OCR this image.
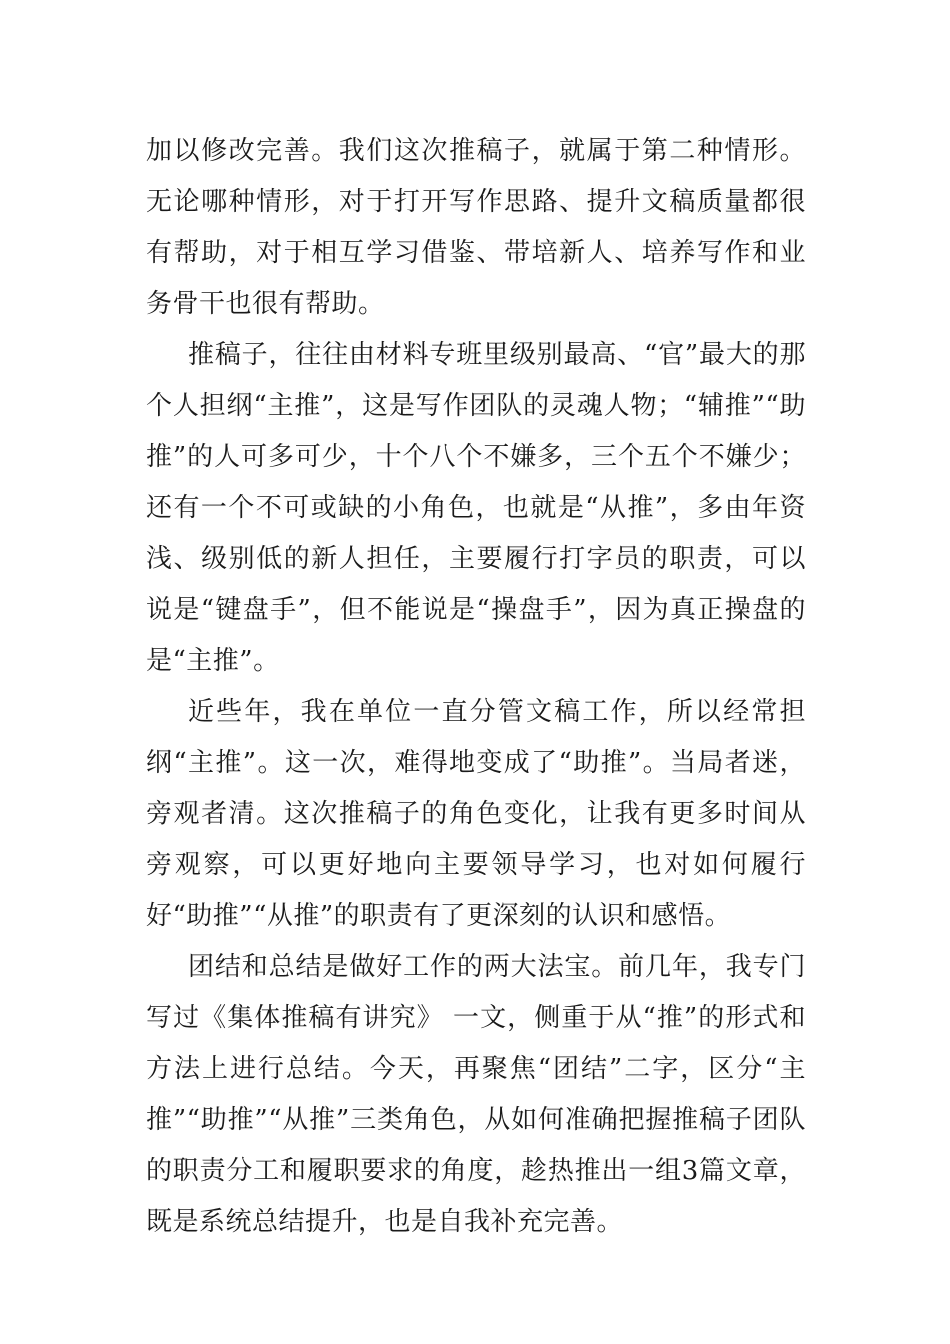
加以修改完善。我们这次推稿子，就属于第二种情形。无论哪种情形，对于打开写作思路、提升文稿质量都很有帮助，对于相互学习借鉴、带培新人、培养写作和业务骨干也很有帮助。

推稿子，往往由材料专班里级别最高、“官”最大的那个人担纲“主推”，这是写作团队的灵魂人物；“辅推”“助推”的人可多可少，十个八个不嫌多，三个五个不嫌少；还有一个不可或缺的小角色，也就是“从推”，多由年资浅、级别低的新人担任，主要履行打字员的职责，可以说是“键盘手”，但不能说是“操盘手”，因为真正操盘的是“主推”。

近些年，我在单位一直分管文稿工作，所以经常担纲“主推”。这一次，难得地变成了“助推”。当局者迷，旁观者清。这次推稿子的角色变化，让我有更多时间从旁观察，可以更好地向主要领导学习，也对如何履行好“助推”“从推”的职责有了更深刻的认识和感悟。

团结和总结是做好工作的两大法宝。前几年，我专门写过《集体推稿有讲究》 一文，侧重于从“推”的形式和方法上进行总结。今天，再聚焦“团结”二字，区分“主推”“助推”“从推”三类角色，从如何准确把握推稿子团队的职责分工和履职要求的角度，趁热推出一组3篇文章，既是系统总结提升，也是自我补充完善。
